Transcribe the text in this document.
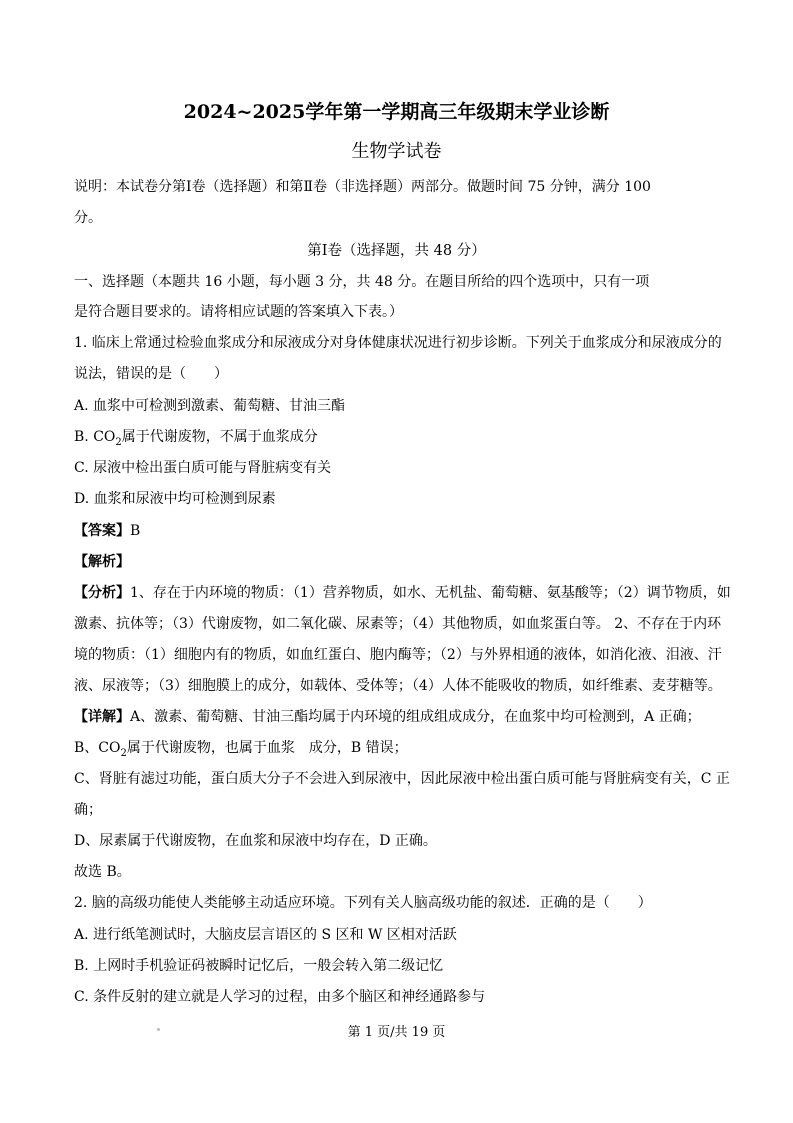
2024~2025学年第一学期高三年级期末学业诊断
生物学试卷
说明：本试卷分第Ⅰ卷（选择题）和第Ⅱ卷（非选择题）两部分。做题时间 75 分钟，满分 100
分。
第Ⅰ卷（选择题，共 48 分）
一、选择题（本题共 16 小题，每小题 3 分，共 48 分。在题目所给的四个选项中，只有一项
是符合题目要求的。请将相应试题的答案填入下表。）
1. 临床上常通过检验血浆成分和尿液成分对身体健康状况进行初步诊断。下列关于血浆成分和尿液成分的
说法，错误的是（　　）
A. 血浆中可检测到激素、葡萄糖、甘油三酯
B. $CO_2$属于代谢废物，不属于血浆成分
C. 尿液中检出蛋白质可能与肾脏病变有关
D. 血浆和尿液中均可检测到尿素
【答案】B
【解析】
【分析】1、存在于内环境的物质：（1）营养物质，如水、无机盐、葡萄糖、氨基酸等；（2）调节物质，如
激素、抗体等；（3）代谢废物，如二氧化碳、尿素等；（4）其他物质，如血浆蛋白等。 2、不存在于内环
境的物质：（1）细胞内有的物质，如血红蛋白、胞内酶等；（2）与外界相通的液体，如消化液、泪液、汗
液、尿液等；（3）细胞膜上的成分，如载体、受体等；（4）人体不能吸收的物质，如纤维素、麦芽糖等。
【详解】A、激素、葡萄糖、甘油三酯均属于内环境的组成组成成分，在血浆中均可检测到，A 正确；
B、$CO_2$属于代谢废物，也属于血浆　成分，B 错误；
C、肾脏有滤过功能，蛋白质大分子不会进入到尿液中，因此尿液中检出蛋白质可能与肾脏病变有关，C 正
确；
D、尿素属于代谢废物，在血浆和尿液中均存在，D 正确。
故选 B。
2. 脑的高级功能使人类能够主动适应环境。下列有关人脑高级功能的叙述．正确的是（　　）
A. 进行纸笔测试时，大脑皮层言语区的 S 区和 W 区相对活跃
B. 上网时手机验证码被瞬时记忆后，一般会转入第二级记忆
C. 条件反射的建立就是人学习的过程，由多个脑区和神经通路参与
第 1 页/共 19 页
